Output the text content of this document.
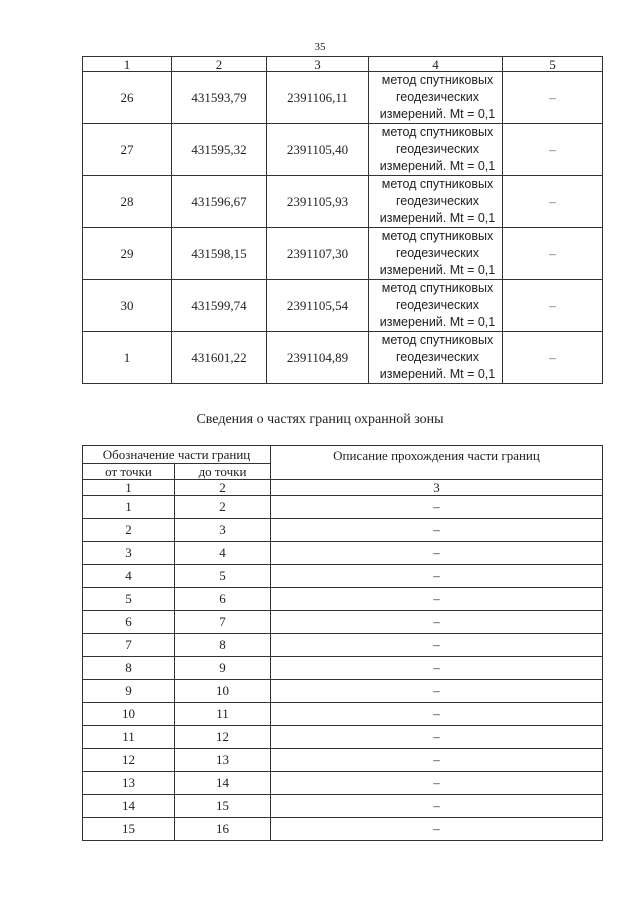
35
1	2	3	4	5
26	431593,79	2391106,11	метод спутниковых
геодезических
измерений. Mt = 0,1	–
27	431595,32	2391105,40	метод спутниковых
геодезических
измерений. Mt = 0,1	–
28	431596,67	2391105,93	метод спутниковых
геодезических
измерений. Mt = 0,1	–
29	431598,15	2391107,30	метод спутниковых
геодезических
измерений. Mt = 0,1	–
30	431599,74	2391105,54	метод спутниковых
геодезических
измерений. Mt = 0,1	–
1	431601,22	2391104,89	метод спутниковых
геодезических
измерений. Mt = 0,1	–
Сведения о частях границ охранной зоны
Обозначение части границ		Описание прохождения части границ
от точки	до точки	
1	2	3
1	2	–
2	3	–
3	4	–
4	5	–
5	6	–
6	7	–
7	8	–
8	9	–
9	10	–
10	11	–
11	12	–
12	13	–
13	14	–
14	15	–
15	16	–
